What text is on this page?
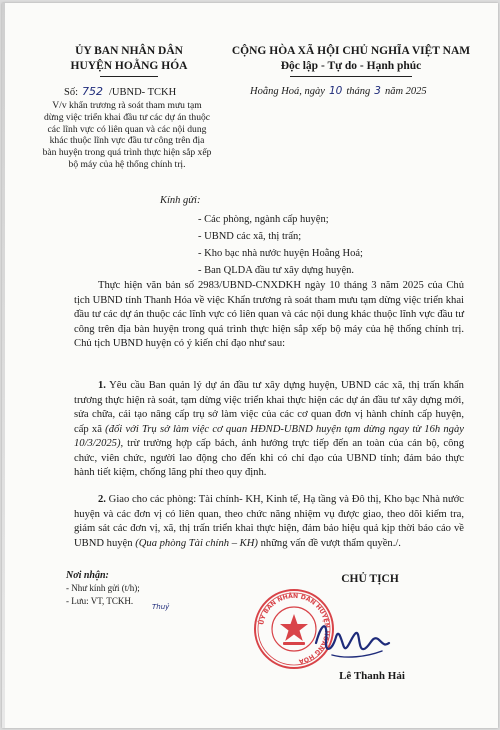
ỦY BAN NHÂN DÂN
HUYỆN HOẰNG HÓA
CỘNG HÒA XÃ HỘI CHỦ NGHĨA VIỆT NAM
Độc lập - Tự do - Hạnh phúc
Số: 752 /UBND- TCKH	Hoằng Hoá, ngày 10 tháng 3 năm 2025
V/v khẩn trương rà soát tham mưu tạm dừng việc triển khai đầu tư các dự án thuộc các lĩnh vực có liên quan và các nội dung khác thuộc lĩnh vực đầu tư công trên địa bàn huyện trong quá trình thực hiện sắp xếp bộ máy của hệ thống chính trị.
Kính gửi:
- Các phòng, ngành cấp huyện;
- UBND các xã, thị trấn;
- Kho bạc nhà nước huyện Hoằng Hoá;
- Ban QLDA đầu tư xây dựng huyện.
Thực hiện văn bản số 2983/UBND-CNXDKH ngày 10 tháng 3 năm 2025 của Chủ tịch UBND tỉnh Thanh Hóa về việc Khẩn trương rà soát tham mưu tạm dừng việc triển khai đầu tư các dự án thuộc các lĩnh vực có liên quan và các nội dung khác thuộc lĩnh vực đầu tư công trên địa bàn huyện trong quá trình thực hiện sắp xếp bộ máy của hệ thống chính trị. Chủ tịch UBND huyện có ý kiến chỉ đạo như sau:
1. Yêu cầu Ban quản lý dự án đầu tư xây dựng huyện, UBND các xã, thị trấn khẩn trương thực hiện rà soát, tạm dừng việc triển khai thực hiện các dự án đầu tư xây dựng mới, sửa chữa, cải tạo nâng cấp trụ sở làm việc của các cơ quan đơn vị hành chính cấp huyện, cấp xã (đối với Trụ sở làm việc cơ quan HĐND-UBND huyện tạm dừng ngay từ 16h ngày 10/3/2025), trừ trường hợp cấp bách, ảnh hưởng trực tiếp đến an toàn của cán bộ, công chức, viên chức, người lao động cho đến khi có chỉ đạo của UBND tỉnh; đảm bảo thực hành tiết kiệm, chống lãng phí theo quy định.
2. Giao cho các phòng: Tài chính- KH, Kinh tế, Hạ tầng và Đô thị, Kho bạc Nhà nước huyện và các đơn vị có liên quan, theo chức năng nhiệm vụ được giao, theo dõi kiểm tra, giám sát các đơn vị, xã, thị trấn triển khai thực hiện, đảm bảo hiệu quả kịp thời báo cáo về UBND huyện (Qua phòng Tài chính – KH) những vấn đề vượt thẩm quyền./.
Nơi nhận:
- Như kính gửi (t/h);
- Lưu: VT, TCKH.
Thuỷ
CHỦ TỊCH
ỦY BAN NHÂN DÂN HUYỆN HOẰNG HÓA
Lê Thanh Hải
